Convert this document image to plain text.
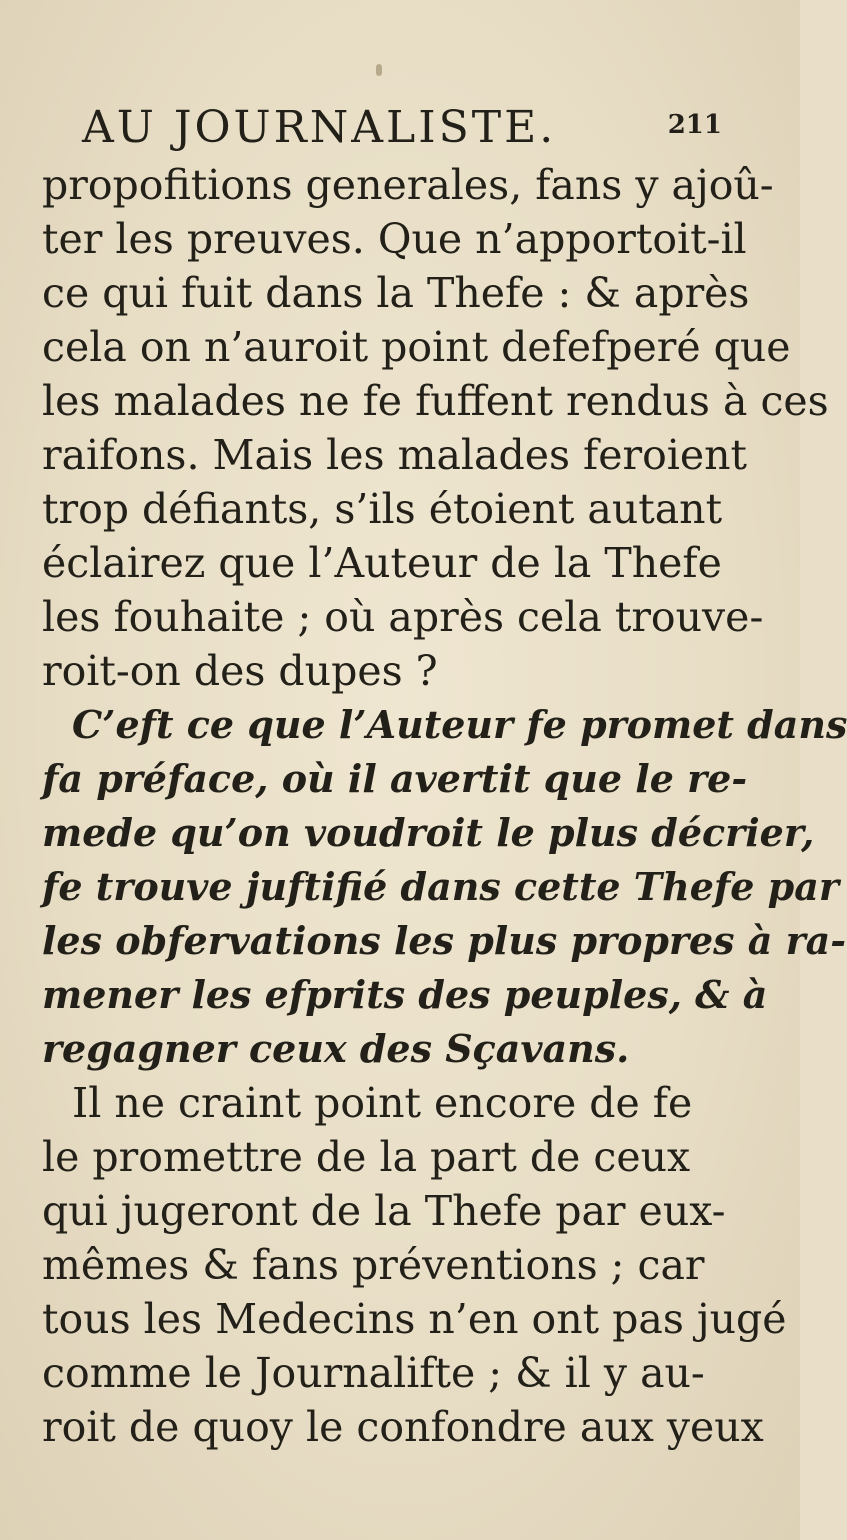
AU JOURNALISTE.	211
propofitions generales, fans y ajoû-
ter les preuves. Que n’apportoit-il
ce qui fuit dans la Thefe : & après
cela on n’auroit point defefperé que
les malades ne fe fuffent rendus à ces
raifons. Mais les malades feroient
trop défiants, s’ils étoient autant
éclairez que l’Auteur de la Thefe
les fouhaite ; où après cela trouve-
roit-on des dupes ?
C’eft ce que l’Auteur fe promet dans
fa préface, où il avertit que le re-
mede qu’on voudroit le plus décrier,
fe trouve juftifié dans cette Thefe par
les obfervations les plus propres à ra-
mener les efprits des peuples, & à
regagner ceux des Sçavans.
Il ne craint point encore de fe
le promettre de la part de ceux
qui jugeront de la Thefe par eux-
mêmes & fans préventions ; car
tous les Medecins n’en ont pas jugé
comme le Journalifte ; & il y au-
roit de quoy le confondre aux yeux
